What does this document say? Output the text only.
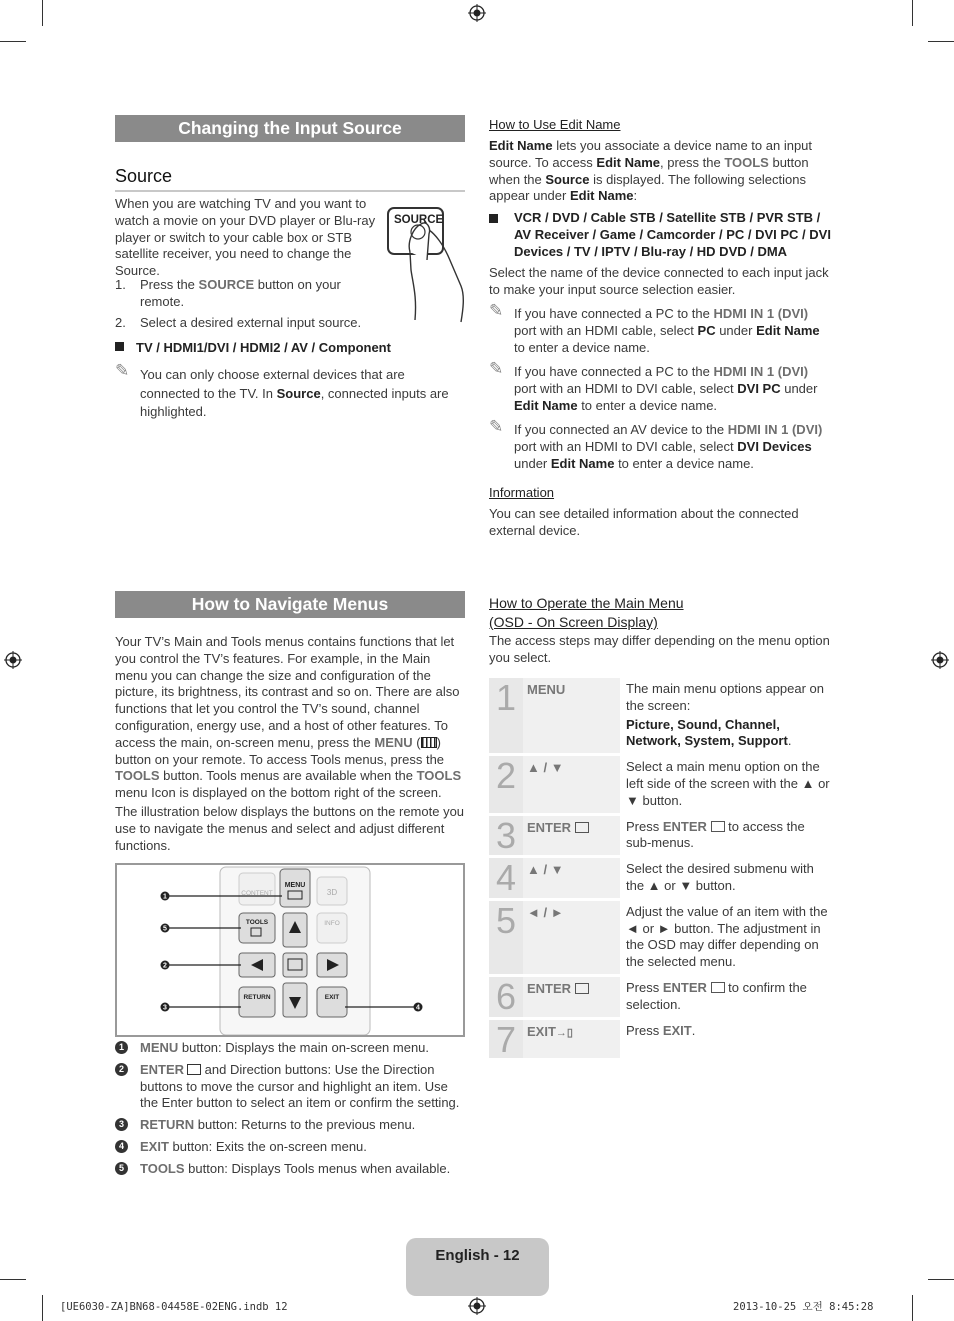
Changing the Input Source
Source
When you are watching TV and you want to watch a movie on your DVD player or Blu-ray player or switch to your cable box or STB satellite receiver, you need to change the Source.
SOURCE
1. Press the SOURCE button on your remote.
2. Select a desired external input source.
TV / HDMI1/DVI / HDMI2 / AV / Component
✎ You can only choose external devices that are connected to the TV. In Source, connected inputs are highlighted.
How to Use Edit Name
Edit Name lets you associate a device name to an input source. To access Edit Name, press the TOOLS button when the Source is displayed. The following selections appear under Edit Name:
VCR / DVD / Cable STB / Satellite STB / PVR STB / AV Receiver / Game / Camcorder / PC / DVI PC / DVI Devices / TV / IPTV / Blu-ray / HD DVD / DMA
Select the name of the device connected to each input jack to make your input source selection easier.
✎ If you have connected a PC to the HDMI IN 1 (DVI) port with an HDMI cable, select PC under Edit Name to enter a device name.
✎ If you have connected a PC to the HDMI IN 1 (DVI) port with an HDMI to DVI cable, select DVI PC under Edit Name to enter a device name.
✎ If you connected an AV device to the HDMI IN 1 (DVI) port with an HDMI to DVI cable, select DVI Devices under Edit Name to enter a device name.
Information
You can see detailed information about the connected external device.
How to Navigate Menus
Your TV’s Main and Tools menus contains functions that let you control the TV’s features. For example, in the Main menu you can change the size and configuration of the picture, its brightness, its contrast and so on. There are also functions that let you control the TV’s sound, channel configuration, energy use, and a host of other features. To access the main, on-screen menu, press the MENU ( ) button on your remote. To access Tools menus, press the TOOLS button. Tools menus are available when the TOOLS menu Icon is displayed on the bottom right of the screen.
The illustration below displays the buttons on the remote you use to navigate the menus and select and adjust different functions.
CONTENT
MENU
3D
TOOLS	INFO
RETURN	EXIT
1
5
2
3	4
1	MENU button: Displays the main on-screen menu.
2	ENTER and Direction buttons: Use the Direction buttons to move the cursor and highlight an item. Use the Enter button to select an item or confirm the setting.
3	RETURN button: Returns to the previous menu.
4	EXIT button: Exits the on-screen menu.
5	TOOLS button: Displays Tools menus when available.
How to Operate the Main Menu
(OSD - On Screen Display)
The access steps may differ depending on the menu option you select.
1	MENU	The main menu options appear on the screen:
Picture, Sound, Channel, Network, System, Support.

2	▲ / ▼	Select a main menu option on the left side of the screen with the ▲ or ▼ button.
3	ENTER	Press ENTER  to access the sub-menus.
4	▲ / ▼	Select the desired submenu with the ▲ or ▼ button.
5	◄ / ►	Adjust the value of an item with the ◄ or ► button. The adjustment in the OSD may differ depending on the selected menu.
6	ENTER	Press ENTER  to confirm the selection.
7	EXIT→▯	Press EXIT.
English - 12
[UE6030-ZA]BN68-04458E-02ENG.indb 12	2013-10-25 오전 8:45:28
